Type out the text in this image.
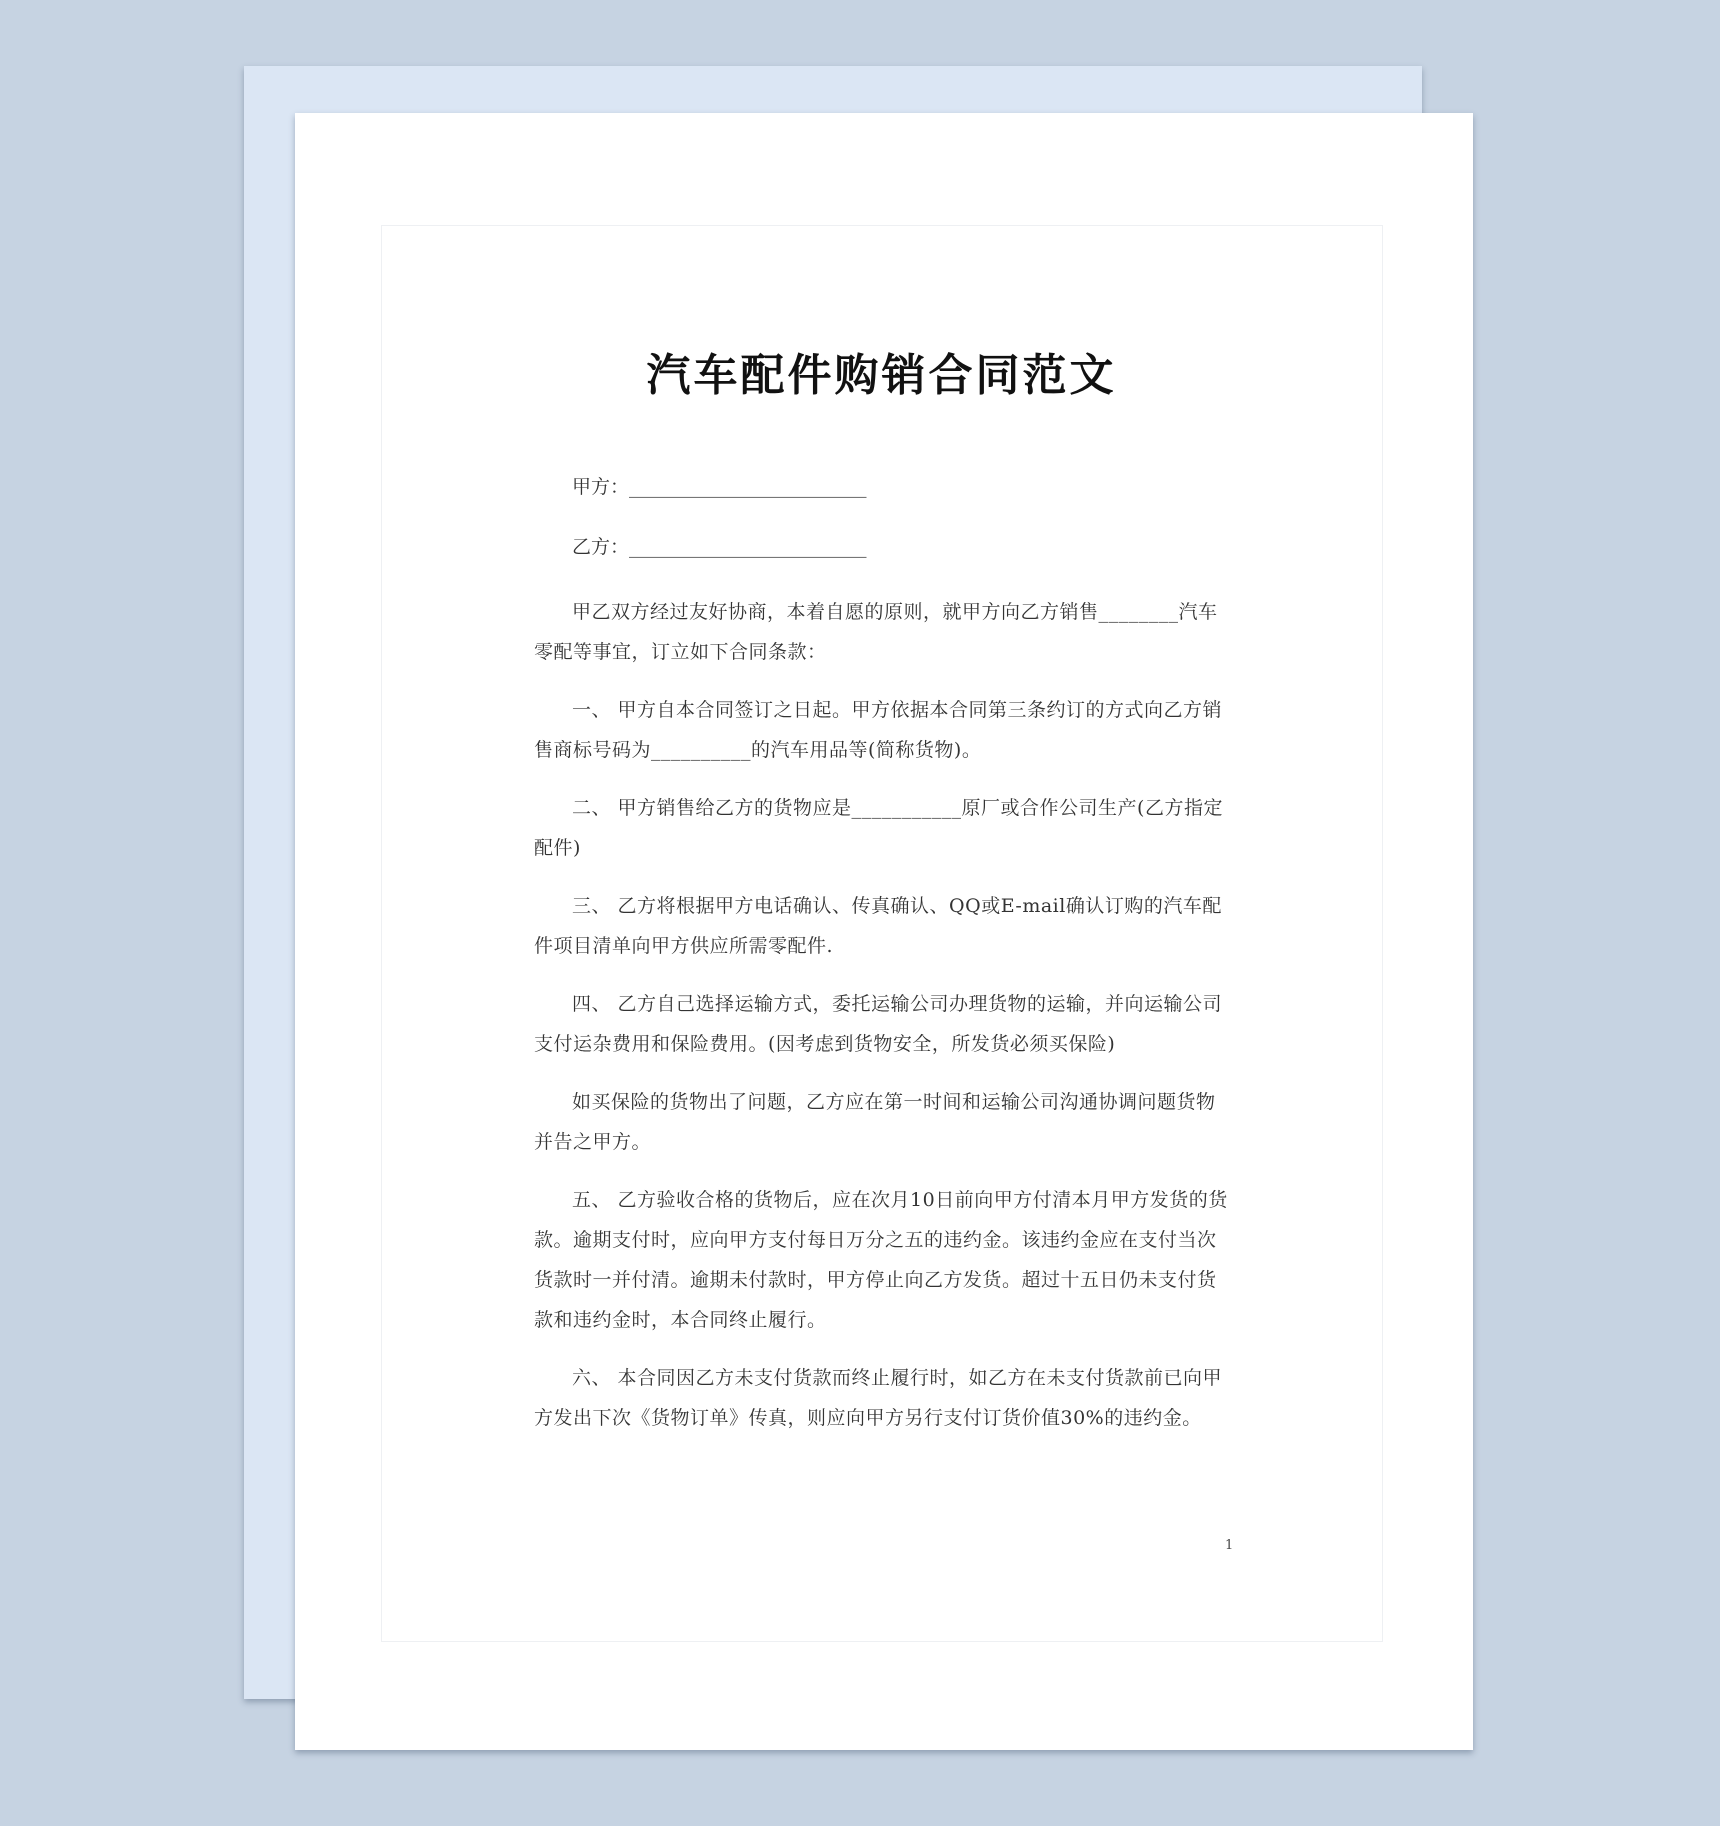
汽车配件购销合同范文

甲方：_________________________

乙方：_________________________

甲乙双方经过友好协商，本着自愿的原则，就甲方向乙方销售________汽车零配等事宜，订立如下合同条款：

一、 甲方自本合同签订之日起。甲方依据本合同第三条约订的方式向乙方销售商标号码为__________的汽车用品等(简称货物)。

二、 甲方销售给乙方的货物应是___________原厂或合作公司生产(乙方指定配件)

三、 乙方将根据甲方电话确认、传真确认、QQ或E-mail确认订购的汽车配件项目清单向甲方供应所需零配件.

四、 乙方自己选择运输方式，委托运输公司办理货物的运输，并向运输公司支付运杂费用和保险费用。(因考虑到货物安全，所发货必须买保险)

如买保险的货物出了问题，乙方应在第一时间和运输公司沟通协调问题货物并告之甲方。

五、 乙方验收合格的货物后，应在次月10日前向甲方付清本月甲方发货的货款。逾期支付时，应向甲方支付每日万分之五的违约金。该违约金应在支付当次货款时一并付清。逾期未付款时，甲方停止向乙方发货。超过十五日仍未支付货款和违约金时，本合同终止履行。

六、 本合同因乙方未支付货款而终止履行时，如乙方在未支付货款前已向甲方发出下次《货物订单》传真，则应向甲方另行支付订货价值30%的违约金。

1
